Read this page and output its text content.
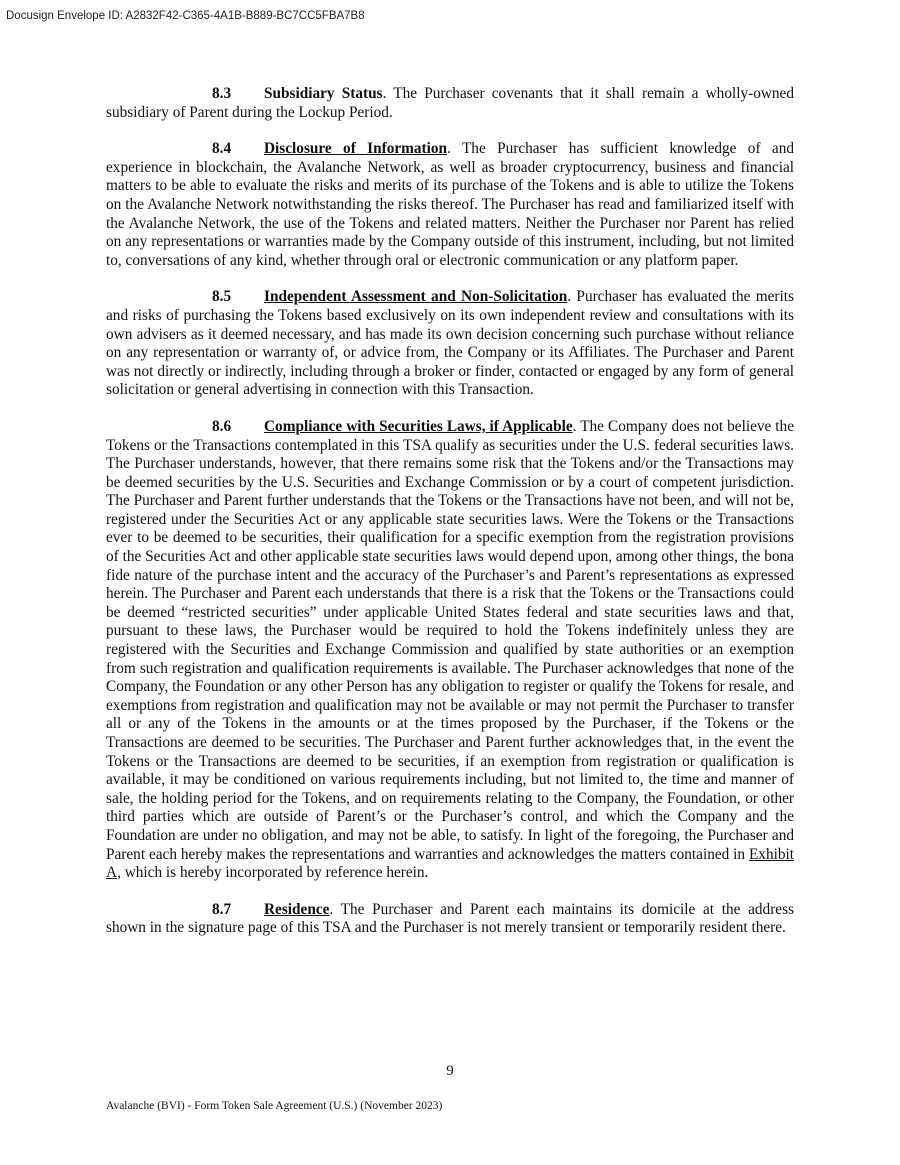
Docusign Envelope ID: A2832F42-C365-4A1B-B889-BC7CC5FBA7B8

8.3 Subsidiary Status. The Purchaser covenants that it shall remain a wholly-owned subsidiary of Parent during the Lockup Period.

8.4 Disclosure of Information. The Purchaser has sufficient knowledge of and experience in blockchain, the Avalanche Network, as well as broader cryptocurrency, business and financial matters to be able to evaluate the risks and merits of its purchase of the Tokens and is able to utilize the Tokens on the Avalanche Network notwithstanding the risks thereof. The Purchaser has read and familiarized itself with the Avalanche Network, the use of the Tokens and related matters. Neither the Purchaser nor Parent has relied on any representations or warranties made by the Company outside of this instrument, including, but not limited to, conversations of any kind, whether through oral or electronic communication or any platform paper.

8.5 Independent Assessment and Non-Solicitation. Purchaser has evaluated the merits and risks of purchasing the Tokens based exclusively on its own independent review and consultations with its own advisers as it deemed necessary, and has made its own decision concerning such purchase without reliance on any representation or warranty of, or advice from, the Company or its Affiliates. The Purchaser and Parent was not directly or indirectly, including through a broker or finder, contacted or engaged by any form of general solicitation or general advertising in connection with this Transaction.

8.6 Compliance with Securities Laws, if Applicable. The Company does not believe the Tokens or the Transactions contemplated in this TSA qualify as securities under the U.S. federal securities laws. The Purchaser understands, however, that there remains some risk that the Tokens and/or the Transactions may be deemed securities by the U.S. Securities and Exchange Commission or by a court of competent jurisdiction. The Purchaser and Parent further understands that the Tokens or the Transactions have not been, and will not be, registered under the Securities Act or any applicable state securities laws. Were the Tokens or the Transactions ever to be deemed to be securities, their qualification for a specific exemption from the registration provisions of the Securities Act and other applicable state securities laws would depend upon, among other things, the bona fide nature of the purchase intent and the accuracy of the Purchaser’s and Parent’s representations as expressed herein. The Purchaser and Parent each understands that there is a risk that the Tokens or the Transactions could be deemed “restricted securities” under applicable United States federal and state securities laws and that, pursuant to these laws, the Purchaser would be required to hold the Tokens indefinitely unless they are registered with the Securities and Exchange Commission and qualified by state authorities or an exemption from such registration and qualification requirements is available. The Purchaser acknowledges that none of the Company, the Foundation or any other Person has any obligation to register or qualify the Tokens for resale, and exemptions from registration and qualification may not be available or may not permit the Purchaser to transfer all or any of the Tokens in the amounts or at the times proposed by the Purchaser, if the Tokens or the Transactions are deemed to be securities. The Purchaser and Parent further acknowledges that, in the event the Tokens or the Transactions are deemed to be securities, if an exemption from registration or qualification is available, it may be conditioned on various requirements including, but not limited to, the time and manner of sale, the holding period for the Tokens, and on requirements relating to the Company, the Foundation, or other third parties which are outside of Parent’s or the Purchaser’s control, and which the Company and the Foundation are under no obligation, and may not be able, to satisfy. In light of the foregoing, the Purchaser and Parent each hereby makes the representations and warranties and acknowledges the matters contained in Exhibit A, which is hereby incorporated by reference herein.

8.7 Residence. The Purchaser and Parent each maintains its domicile at the address shown in the signature page of this TSA and the Purchaser is not merely transient or temporarily resident there.

9
Avalanche (BVI) - Form Token Sale Agreement (U.S.) (November 2023)
